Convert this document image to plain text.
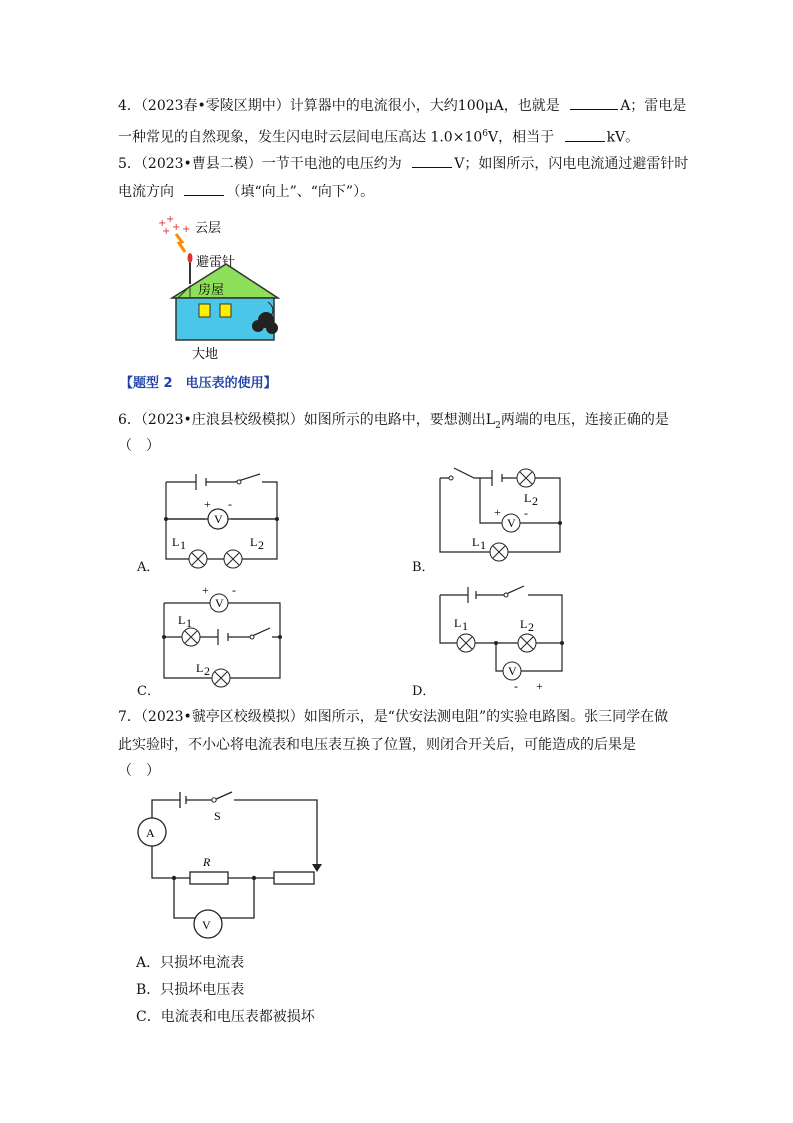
4．（2023春•零陵区期中）计算器中的电流很小，大约100μA，也就是	A；雷电是
一种常见的自然现象，发生闪电时云层间电压高达 $1.0\times 10^6V$，相当于	kV。
5．（2023•曹县二模）一节干电池的电压约为	V；如图所示，闪电电流通过避雷针时
电流方向	（填“向上”、“向下”）。
+ +
+
+ + 云层
避雷针
房屋
大地
【题型 2　电压表的使用】
6．（2023•庄浪县校级模拟）如图所示的电路中，要想测出$L_2$两端的电压，连接正确的是
（　）
V
+ -
L 1	L 2
A．
L 2
V
+ -
L 1
B．
V
+ -
L 1
L 2
C．
L 1	L 2
V
- +
D．
7．（2023•虢亭区校级模拟）如图所示，是“伏安法测电阻”的实验电路图。张三同学在做
此实验时，不小心将电流表和电压表互换了位置，则闭合开关后，可能造成的后果是
（　）
A
V
S
R
A．只损坏电流表
B．只损坏电压表
C．电流表和电压表都被损坏
